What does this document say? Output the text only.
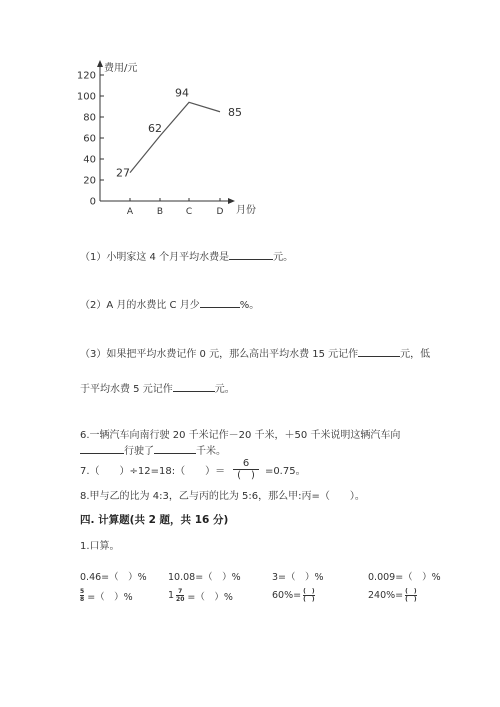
费用/元
月份
0
20
40
60
80
100
120
A	B	C	D
27
62
94
85
（1）小明家这 4 个月平均水费是	元。
（2）A 月的水费比 C 月少	%。
（3）如果把平均水费记作 0 元，那么高出平均水费 15 元记作	元，低
于平均水费 5 元记作	元。
6.一辆汽车向南行驶 20 千米记作－20 千米，＋50 千米说明这辆汽车向
行驶了	千米。
7.（　　）÷12=18:（　　）＝ $\frac{6}{( )} =0.75$。
8.甲与乙的比为 4:3，乙与丙的比为 5:6，那么甲:丙=（　　）。
四. 计算题(共 2 题，共 16 分)
1.口算。
0.46=（　）% 10.08=（　）%	3=（　）%	0.009=（　）%
$\frac{5}{8}$ =（　）%	$1 \frac{7}{20}$ =（　）%	$60\%= \frac{( )}{( )}$	$240\%= \frac{( )}{( )}$
